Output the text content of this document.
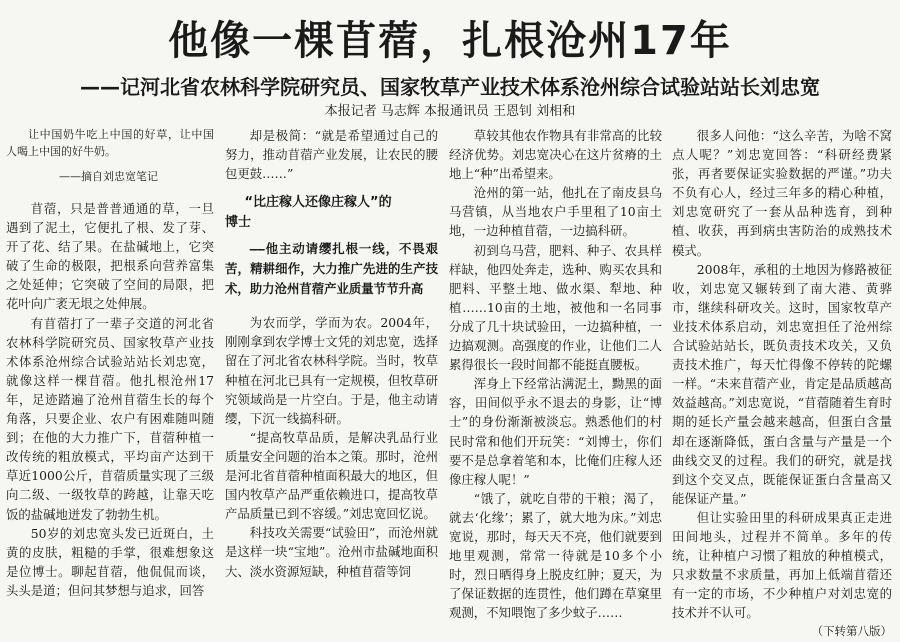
他像一棵苜蓿，扎根沧州17年
——记河北省农林科学院研究员、国家牧草产业技术体系沧州综合试验站站长刘忠宽
本报记者 马志辉 本报通讯员 王恩钊 刘相和
让中国奶牛吃上中国的好草，让中国人喝上中国的好牛奶。
——摘自刘忠宽笔记

苜蓿，只是普普通通的草，一旦遇到了泥土，它便扎了根、发了芽、开了花、结了果。在盐碱地上，它突破了生命的极限，把根系向营养富集之处延伸；它突破了空间的局限，把花叶向广袤无垠之处伸展。

有苜蓿打了一辈子交道的河北省农林科学院研究员、国家牧草产业技术体系沧州综合试验站站长刘忠宽，就像这样一棵苜蓿。他扎根沧州17年，足迹踏遍了沧州苜蓿生长的每个角落，只要企业、农户有困难随叫随到；在他的大力推广下，苜蓿种植一改传统的粗放模式，平均亩产达到干草近1000公斤，苜蓿质量实现了三级向二级、一级牧草的跨越，让靠天吃饭的盐碱地迸发了勃勃生机。

50岁的刘忠宽头发已近斑白，土黄的皮肤，粗糙的手掌，很难想象这是位博士。聊起苜蓿，他侃侃而谈，头头是道；但问其梦想与追求，回答

却是极简：“就是希望通过自己的努力，推动苜蓿产业发展，让农民的腰包更鼓……”

“比庄稼人还像庄稼人”的
博士
——他主动请缨扎根一线，不畏艰苦，精耕细作，大力推广先进的生产技术，助力沧州苜蓿产业质量节节升高

为农而学，学而为农。2004年，刚刚拿到农学博士文凭的刘忠宽，选择留在了河北省农林科学院。当时，牧草种植在河北已具有一定规模，但牧草研究领域尚是一片空白。于是，他主动请缨，下沉一线搞科研。

“提高牧草品质，是解决乳品行业质量安全问题的治本之策。那时，沧州是河北省苜蓿种植面积最大的地区，但国内牧草产品严重依赖进口，提高牧草产品质量已到不容缓。”刘忠宽回忆说。

科技攻关需要“试验田”，而沧州就是这样一块“宝地”。沧州市盐碱地面积大、淡水资源短缺，种植苜蓿等饲

草较其他农作物具有非常高的比较经济优势。刘忠宽决心在这片贫瘠的土地上“种”出希望来。

沧州的第一站，他扎在了南皮县乌马营镇，从当地农户手里租了10亩土地，一边种植苜蓿，一边搞科研。

初到乌马营，肥料、种子、农具样样缺，他四处奔走，选种、购买农具和肥料、平整土地、做水渠、犁地、种植……10亩的土地，被他和一名同事分成了几十块试验田，一边搞种植，一边搞观测。高强度的作业，让他们二人累得很长一段时间都不能挺直腰板。

浑身上下经常沾满泥土，黝黑的面容，田间似乎永不退去的身影，让“博士”的身份渐渐被淡忘。熟悉他们的村民时常和他们开玩笑：“刘博士，你们要不是总拿着笔和本，比俺们庄稼人还像庄稼人呢！”

“饿了，就吃自带的干粮；渴了，就去‘化缘’；累了，就大地为床。”刘忠宽说，那时，每天天不亮，他们就要到地里观测，常常一待就是10多个小时，烈日晒得身上脱皮红肿；夏天，为了保证数据的连贯性，他们蹲在草窠里观测，不知喂饱了多少蚊子……

很多人问他：“这么辛苦，为啥不窝点人呢？”刘忠宽回答：“科研经费紧张，再者要保证实验数据的严谨。”功夫不负有心人，经过三年多的精心种植，刘忠宽研究了一套从品种选育，到种植、收获，再到病虫害防治的成熟技术模式。

2008年，承租的土地因为修路被征收，刘忠宽又辗转到了南大港、黄骅市，继续科研攻关。这时，国家牧草产业技术体系启动，刘忠宽担任了沧州综合试验站站长，既负责技术攻关，又负责技术推广，每天忙得像不停转的陀螺一样。“未来苜蓿产业，肯定是品质越高效益越高。”刘忠宽说，“苜蓿随着生育时期的延长产量会越来越高，但蛋白含量却在逐渐降低，蛋白含量与产量是一个曲线交叉的过程。我们的研究，就是找到这个交叉点，既能保证蛋白含量高又能保证产量。”

但让实验田里的科研成果真正走进田间地头，过程并不简单。多年的传统，让种植户习惯了粗放的种植模式，只求数量不求质量，再加上低端苜蓿还有一定的市场，不少种植户对刘忠宽的技术并不认可。

（下转第八版）
